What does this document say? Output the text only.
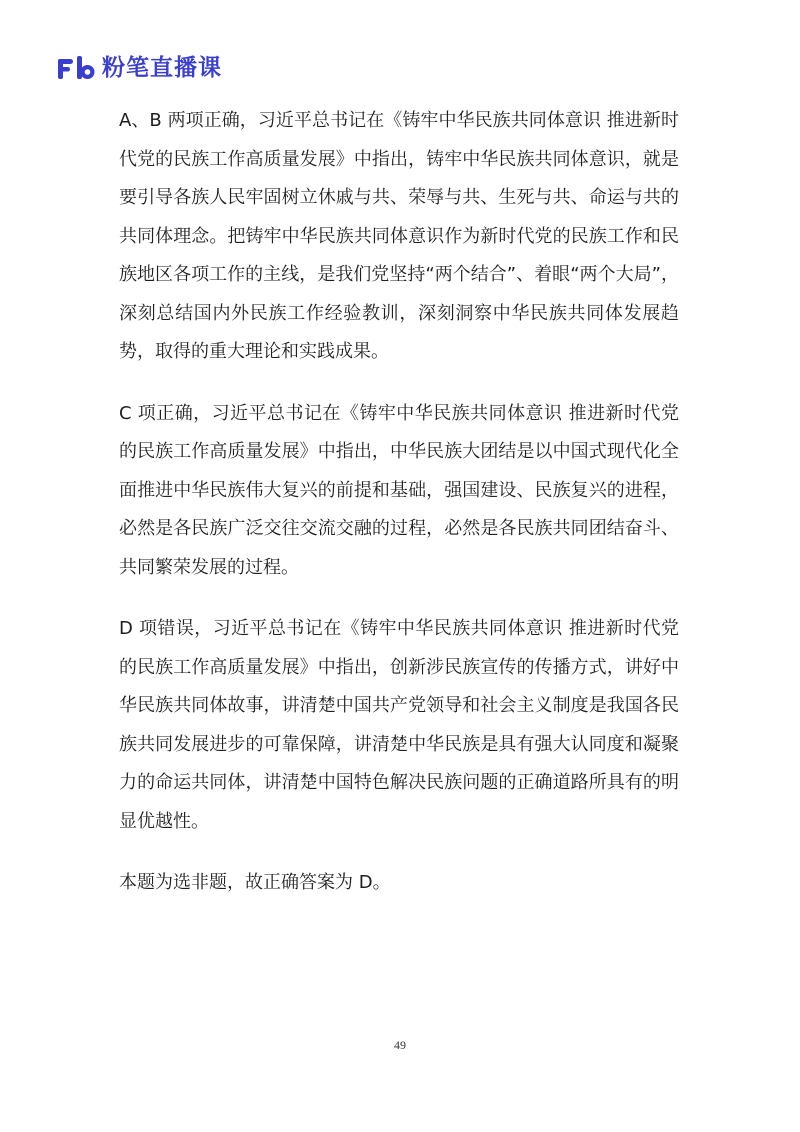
粉笔直播课

A、B 两项正确，习近平总书记在《铸牢中华民族共同体意识 推进新时代党的民族工作高质量发展》中指出，铸牢中华民族共同体意识，就是要引导各族人民牢固树立休戚与共、荣辱与共、生死与共、命运与共的共同体理念。把铸牢中华民族共同体意识作为新时代党的民族工作和民族地区各项工作的主线，是我们党坚持“两个结合”、着眼“两个大局”，深刻总结国内外民族工作经验教训，深刻洞察中华民族共同体发展趋势，取得的重大理论和实践成果。

C 项正确，习近平总书记在《铸牢中华民族共同体意识 推进新时代党的民族工作高质量发展》中指出，中华民族大团结是以中国式现代化全面推进中华民族伟大复兴的前提和基础，强国建设、民族复兴的进程，必然是各民族广泛交往交流交融的过程，必然是各民族共同团结奋斗、共同繁荣发展的过程。

D 项错误，习近平总书记在《铸牢中华民族共同体意识 推进新时代党的民族工作高质量发展》中指出，创新涉民族宣传的传播方式，讲好中华民族共同体故事，讲清楚中国共产党领导和社会主义制度是我国各民族共同发展进步的可靠保障，讲清楚中华民族是具有强大认同度和凝聚力的命运共同体，讲清楚中国特色解决民族问题的正确道路所具有的明显优越性。

本题为选非题，故正确答案为 D。

49
